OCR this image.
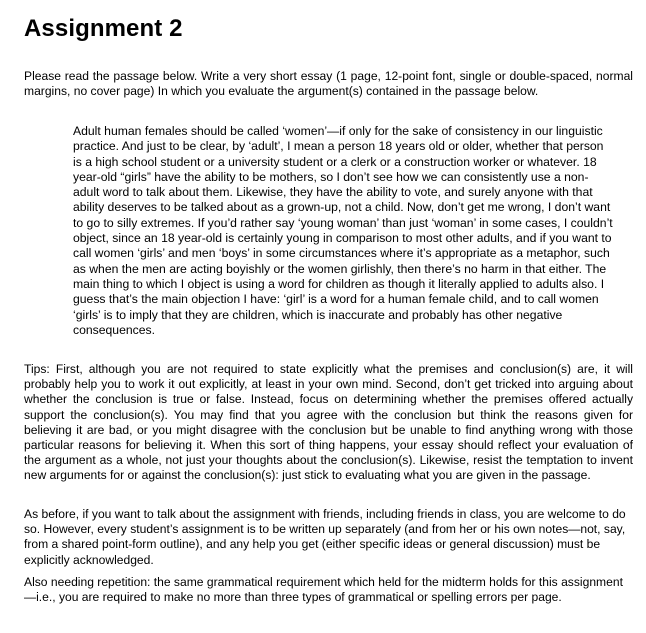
Assignment 2

Please read the passage below. Write a very short essay (1 page, 12-point font, single or double-spaced, normal margins, no cover page) In which you evaluate the argument(s) contained in the passage below.

Adult human females should be called ‘women’—if only for the sake of consistency in our linguistic practice. And just to be clear, by ‘adult’, I mean a person 18 years old or older, whether that person is a high school student or a university student or a clerk or a construction worker or whatever. 18 year-old “girls” have the ability to be mothers, so I don’t see how we can consistently use a non-adult word to talk about them. Likewise, they have the ability to vote, and surely anyone with that ability deserves to be talked about as a grown-up, not a child. Now, don’t get me wrong, I don’t want to go to silly extremes. If you’d rather say ‘young woman’ than just ‘woman’ in some cases, I couldn’t object, since an 18 year-old is certainly young in comparison to most other adults, and if you want to call women ‘girls’ and men ‘boys’ in some circumstances where it’s appropriate as a metaphor, such as when the men are acting boyishly or the women girlishly, then there’s no harm in that either. The main thing to which I object is using a word for children as though it literally applied to adults also. I guess that’s the main objection I have: ‘girl’ is a word for a human female child, and to call women ‘girls’ is to imply that they are children, which is inaccurate and probably has other negative consequences.

Tips: First, although you are not required to state explicitly what the premises and conclusion(s) are, it will probably help you to work it out explicitly, at least in your own mind. Second, don’t get tricked into arguing about whether the conclusion is true or false. Instead, focus on determining whether the premises offered actually support the conclusion(s). You may find that you agree with the conclusion but think the reasons given for believing it are bad, or you might disagree with the conclusion but be unable to find anything wrong with those particular reasons for believing it. When this sort of thing happens, your essay should reflect your evaluation of the argument as a whole, not just your thoughts about the conclusion(s). Likewise, resist the temptation to invent new arguments for or against the conclusion(s): just stick to evaluating what you are given in the passage.

As before, if you want to talk about the assignment with friends, including friends in class, you are welcome to do so. However, every student’s assignment is to be written up separately (and from her or his own notes—not, say, from a shared point-form outline), and any help you get (either specific ideas or general discussion) must be explicitly acknowledged.

Also needing repetition: the same grammatical requirement which held for the midterm holds for this assignment—i.e., you are required to make no more than three types of grammatical or spelling errors per page.
